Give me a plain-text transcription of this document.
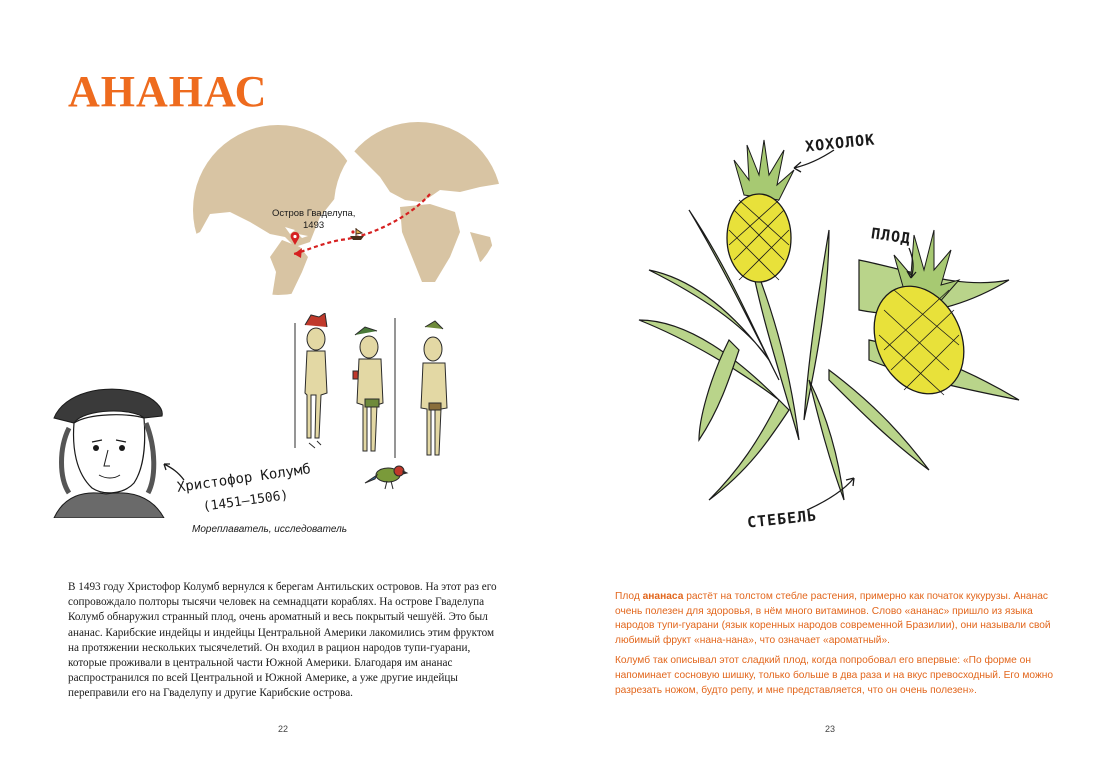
АНАНАС
Остров Гваделупа,
1493
Христофор Колумб
(1451–1506)
Мореплаватель, исследователь

В 1493 году Христофор Колумб вернулся к берегам Антильских островов. На этот раз его сопровождало полторы тысячи человек на семнадцати кораблях. На острове Гваделупа Колумб обнаружил странный плод, очень ароматный и весь покрытый чешуёй. Это был ананас. Карибские индейцы и индейцы Центральной Америки лакомились этим фруктом на протяжении нескольких тысячелетий. Он входил в рацион народов тупи-гуарани, которые проживали в центральной части Южной Америки. Благодаря им ананас распространился по всей Центральной и Южной Америке, а уже другие индейцы переправили его на Гваделупу и другие Карибские острова.

22
ХОХОЛОК
ПЛОД
СТЕБЕЛЬ

Плод ананаса растёт на толстом стебле растения, примерно как початок кукурузы. Ананас очень полезен для здоровья, в нём много витаминов. Слово «ананас» пришло из языка народов тупи-гуарани (язык коренных народов современной Бразилии), они называли свой любимый фрукт «нана-нана», что означает «ароматный».

Колумб так описывал этот сладкий плод, когда попробовал его впервые: «По форме он напоминает сосновую шишку, только больше в два раза и на вкус превосходный. Его можно разрезать ножом, будто репу, и мне представляется, что он очень полезен».

23
